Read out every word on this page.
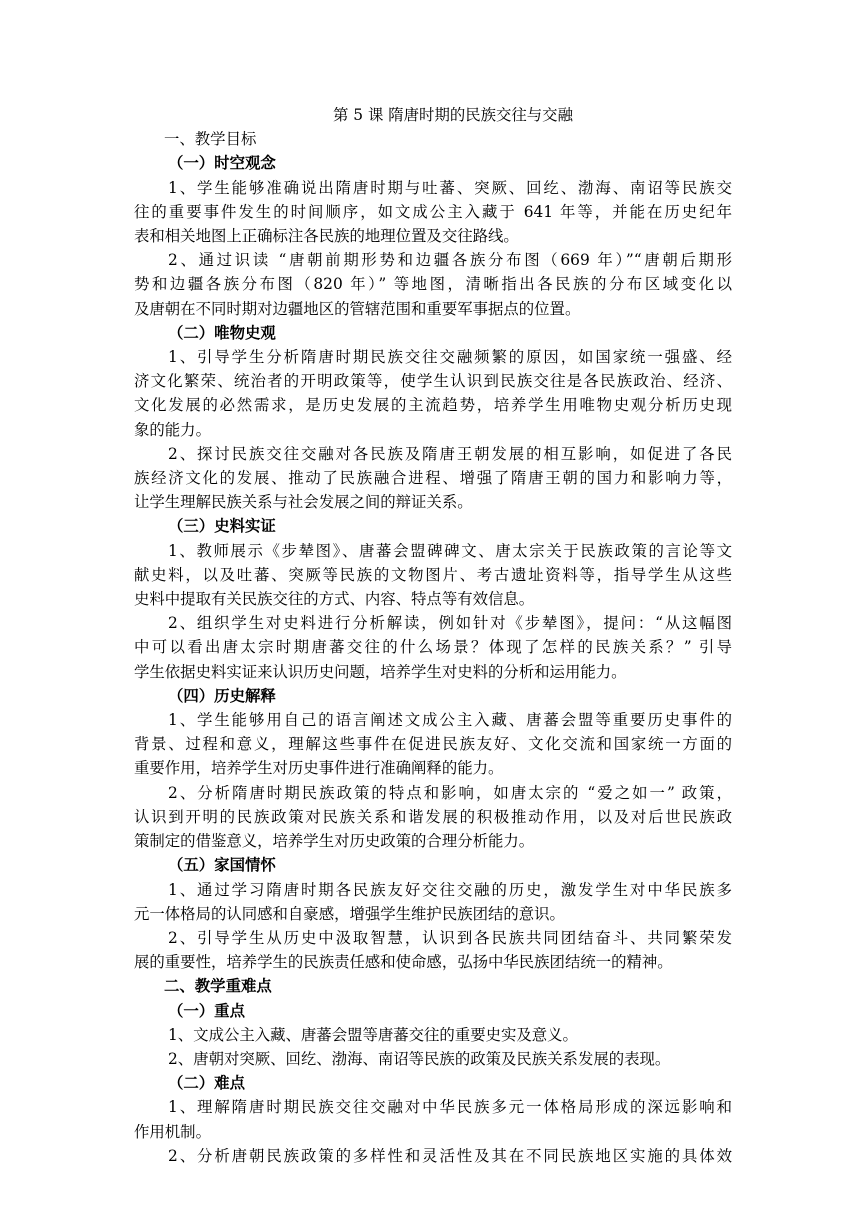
第 5 课 隋唐时期的民族交往与交融
一、教学目标
（一）时空观念
1、学生能够准确说出隋唐时期与吐蕃、突厥、回纥、渤海、南诏等民族交
往的重要事件发生的时间顺序，如文成公主入藏于 641 年等，并能在历史纪年
表和相关地图上正确标注各民族的地理位置及交往路线。
2、通过识读 “唐朝前期形势和边疆各族分布图（669 年）”“唐朝后期形
势和边疆各族分布图（820 年）” 等地图，清晰指出各民族的分布区域变化以
及唐朝在不同时期对边疆地区的管辖范围和重要军事据点的位置。
（二）唯物史观
1、引导学生分析隋唐时期民族交往交融频繁的原因，如国家统一强盛、经
济文化繁荣、统治者的开明政策等，使学生认识到民族交往是各民族政治、经济、
文化发展的必然需求，是历史发展的主流趋势，培养学生用唯物史观分析历史现
象的能力。
2、探讨民族交往交融对各民族及隋唐王朝发展的相互影响，如促进了各民
族经济文化的发展、推动了民族融合进程、增强了隋唐王朝的国力和影响力等，
让学生理解民族关系与社会发展之间的辩证关系。
（三）史料实证
1、教师展示《步辇图》、唐蕃会盟碑碑文、唐太宗关于民族政策的言论等文
献史料，以及吐蕃、突厥等民族的文物图片、考古遗址资料等，指导学生从这些
史料中提取有关民族交往的方式、内容、特点等有效信息。
2、组织学生对史料进行分析解读，例如针对《步辇图》，提问：“从这幅图
中可以看出唐太宗时期唐蕃交往的什么场景？体现了怎样的民族关系？” 引导
学生依据史料实证来认识历史问题，培养学生对史料的分析和运用能力。
（四）历史解释
1、学生能够用自己的语言阐述文成公主入藏、唐蕃会盟等重要历史事件的
背景、过程和意义，理解这些事件在促进民族友好、文化交流和国家统一方面的
重要作用，培养学生对历史事件进行准确阐释的能力。
2、分析隋唐时期民族政策的特点和影响，如唐太宗的 “爱之如一” 政策，
认识到开明的民族政策对民族关系和谐发展的积极推动作用，以及对后世民族政
策制定的借鉴意义，培养学生对历史政策的合理分析能力。
（五）家国情怀
1、通过学习隋唐时期各民族友好交往交融的历史，激发学生对中华民族多
元一体格局的认同感和自豪感，增强学生维护民族团结的意识。
2、引导学生从历史中汲取智慧，认识到各民族共同团结奋斗、共同繁荣发
展的重要性，培养学生的民族责任感和使命感，弘扬中华民族团结统一的精神。
二、教学重难点
（一）重点
1、文成公主入藏、唐蕃会盟等唐蕃交往的重要史实及意义。
2、唐朝对突厥、回纥、渤海、南诏等民族的政策及民族关系发展的表现。
（二）难点
1、理解隋唐时期民族交往交融对中华民族多元一体格局形成的深远影响和
作用机制。
2、分析唐朝民族政策的多样性和灵活性及其在不同民族地区实施的具体效
